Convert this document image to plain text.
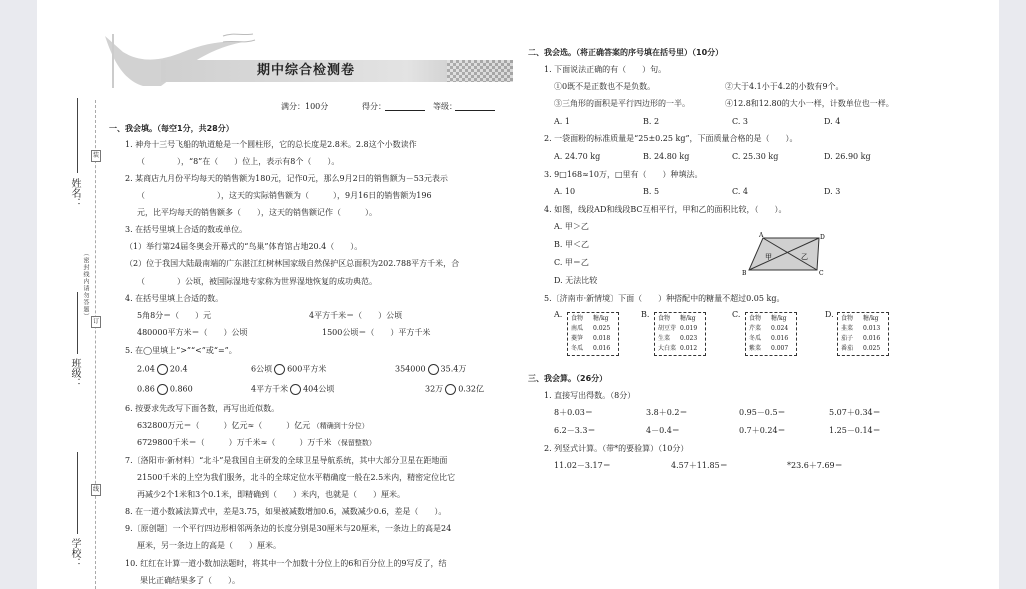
姓名：
班级：
学校：
装
订
线
（密封线内请勿答题）
期中综合检测卷
满分：100分	得分：	等级：
一、我会填。（每空1分，共28分）
1. 神舟十三号飞船的轨道舱是一个圆柱形，它的总长度是2.8米。2.8这个小数读作
（　　　　），“8”在（　　）位上，表示有8个（　　）。
2. 某商店九月份平均每天的销售额为180元，记作0元，那么9月2日的销售额为－53元表示
（　　　　　　　　　），这天的实际销售额为（　　　），9月16日的销售额为196
元，比平均每天的销售额多（　　），这天的销售额记作（　　　）。
3. 在括号里填上合适的数或单位。
（1）举行第24届冬奥会开幕式的“鸟巢”体育馆占地20.4（　　）。
（2）位于我国大陆最南端的广东湛江红树林国家级自然保护区总面积为202.788平方千米，合
（　　　　）公顷，被国际湿地专家称为世界湿地恢复的成功典范。
4. 在括号里填上合适的数。
5角8分＝（　　）元	4平方千米＝（　　）公顷
480000平方米＝（　　）公顷	1500公顷＝（　　）平方千米
5. 在◯里填上“>”“<”或“=”。
2.04 20.4	6公顷 600平方米	354000 35.4万
0.86 0.860	4平方千米 404公顷	32万 0.32亿
6. 按要求先改写下面各数，再写出近似数。
632800万元＝（　　　）亿元≈（　　　）亿元 （精确到十分位）
6729800千米＝（　　　）万千米≈（　　　）万千米 （保留整数）
7.〔洛阳市·新材料〕“北斗”是我国自主研发的全球卫星导航系统，其中大部分卫星在距地面
21500千米的上空为我们服务，北斗的全球定位水平精确度一般在2.5米内，精密定位比它
再减少2个1米和3个0.1米，即精确到（　　）米内，也就是（　　）厘米。
8. 在一道小数减法算式中，差是3.75，如果被减数增加0.6，减数减少0.6，差是（　　）。
9.〔原创题〕一个平行四边形相邻两条边的长度分别是30厘米与20厘米，一条边上的高是24
厘米，另一条边上的高是（　　）厘米。
10. 红红在计算一道小数加法题时，将其中一个加数十分位上的6和百分位上的9写反了，结
果比正确结果多了（　　）。
二、我会选。（将正确答案的序号填在括号里）（10分）
1. 下面说法正确的有（　　）句。
①0既不是正数也不是负数。	②大于4.1小于4.2的小数有9个。
③三角形的面积是平行四边形的一半。	④12.8和12.80的大小一样，计数单位也一样。
A. 1	B. 2	C. 3	D. 4
2. 一袋面粉的标准质量是“25±0.25 kg”，下面质量合格的是（　　）。
A. 24.70 kg	B. 24.80 kg	C. 25.30 kg	D. 26.90 kg
3. 9□168≈10万，□里有（　　）种填法。
A. 10	B. 5	C. 4	D. 3
4. 如图，线段AD和线段BC互相平行，甲和乙的面积比较，（　　）。
A. 甲＞乙
B. 甲＜乙
C. 甲＝乙
D. 无法比较
A	D
B	C
甲	乙
5.〔济南市·新情境〕下面（　　）种搭配中的糖量不超过0.05 kg。
A. 食物 糖/kg
南瓜 0.025
菱笋 0.018
冬瓜 0.016
B. 食物 糖/kg
胡豆芽 0.019
生菜 0.023
大白菜 0.012
C. 食物 糖/kg
芹菜 0.024
冬瓜 0.016
紫菜 0.007
D. 食物 糖/kg
韭菜 0.013
茄子 0.016
番茄 0.025
三、我会算。（26分）
1. 直接写出得数。（8分）
8＋0.03＝	3.8＋0.2＝	0.95－0.5＝	5.07＋0.34＝
6.2－3.3＝	4－0.4＝	0.7＋0.24＝	1.25－0.14＝
2. 列竖式计算。（带*的要验算）（10分）
11.02－3.17＝	4.57＋11.85＝	*23.6＋7.69＝
